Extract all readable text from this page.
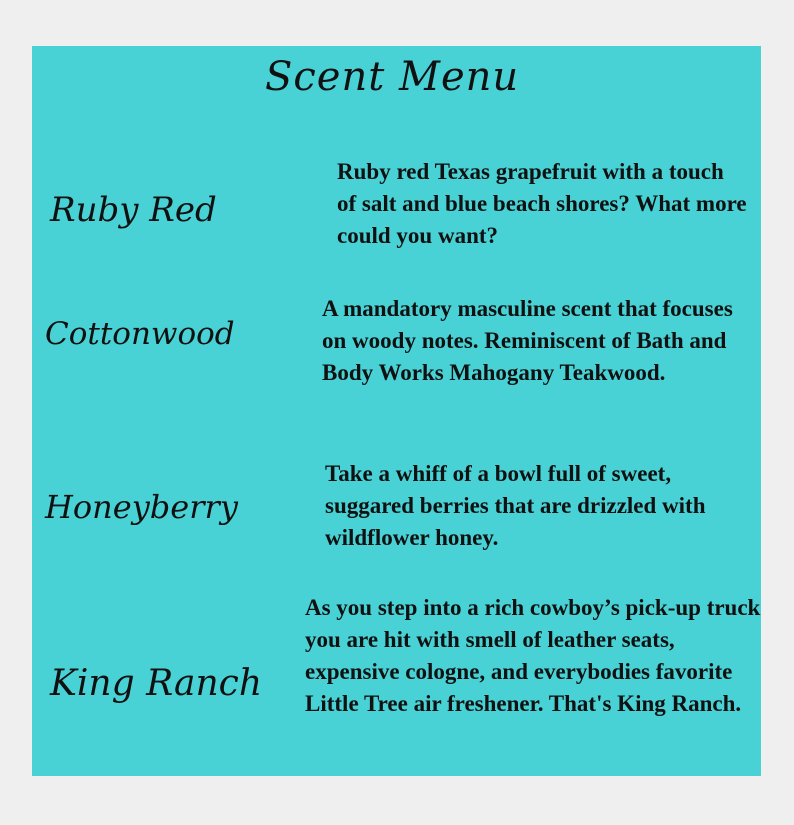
Scent Menu
Ruby Red

Ruby red Texas grapefruit with a touch of salt and blue beach shores? What more could you want?

Cottonwood

A mandatory masculine scent that focuses on woody notes. Reminiscent of Bath and Body Works Mahogany Teakwood.

Honeyberry

Take a whiff of a bowl full of sweet, suggared berries that are drizzled with wildflower honey.

King Ranch

As you step into a rich cowboy’s pick-up truck you are hit with smell of leather seats, expensive cologne, and everybodies favorite Little Tree air freshener. That's King Ranch.
